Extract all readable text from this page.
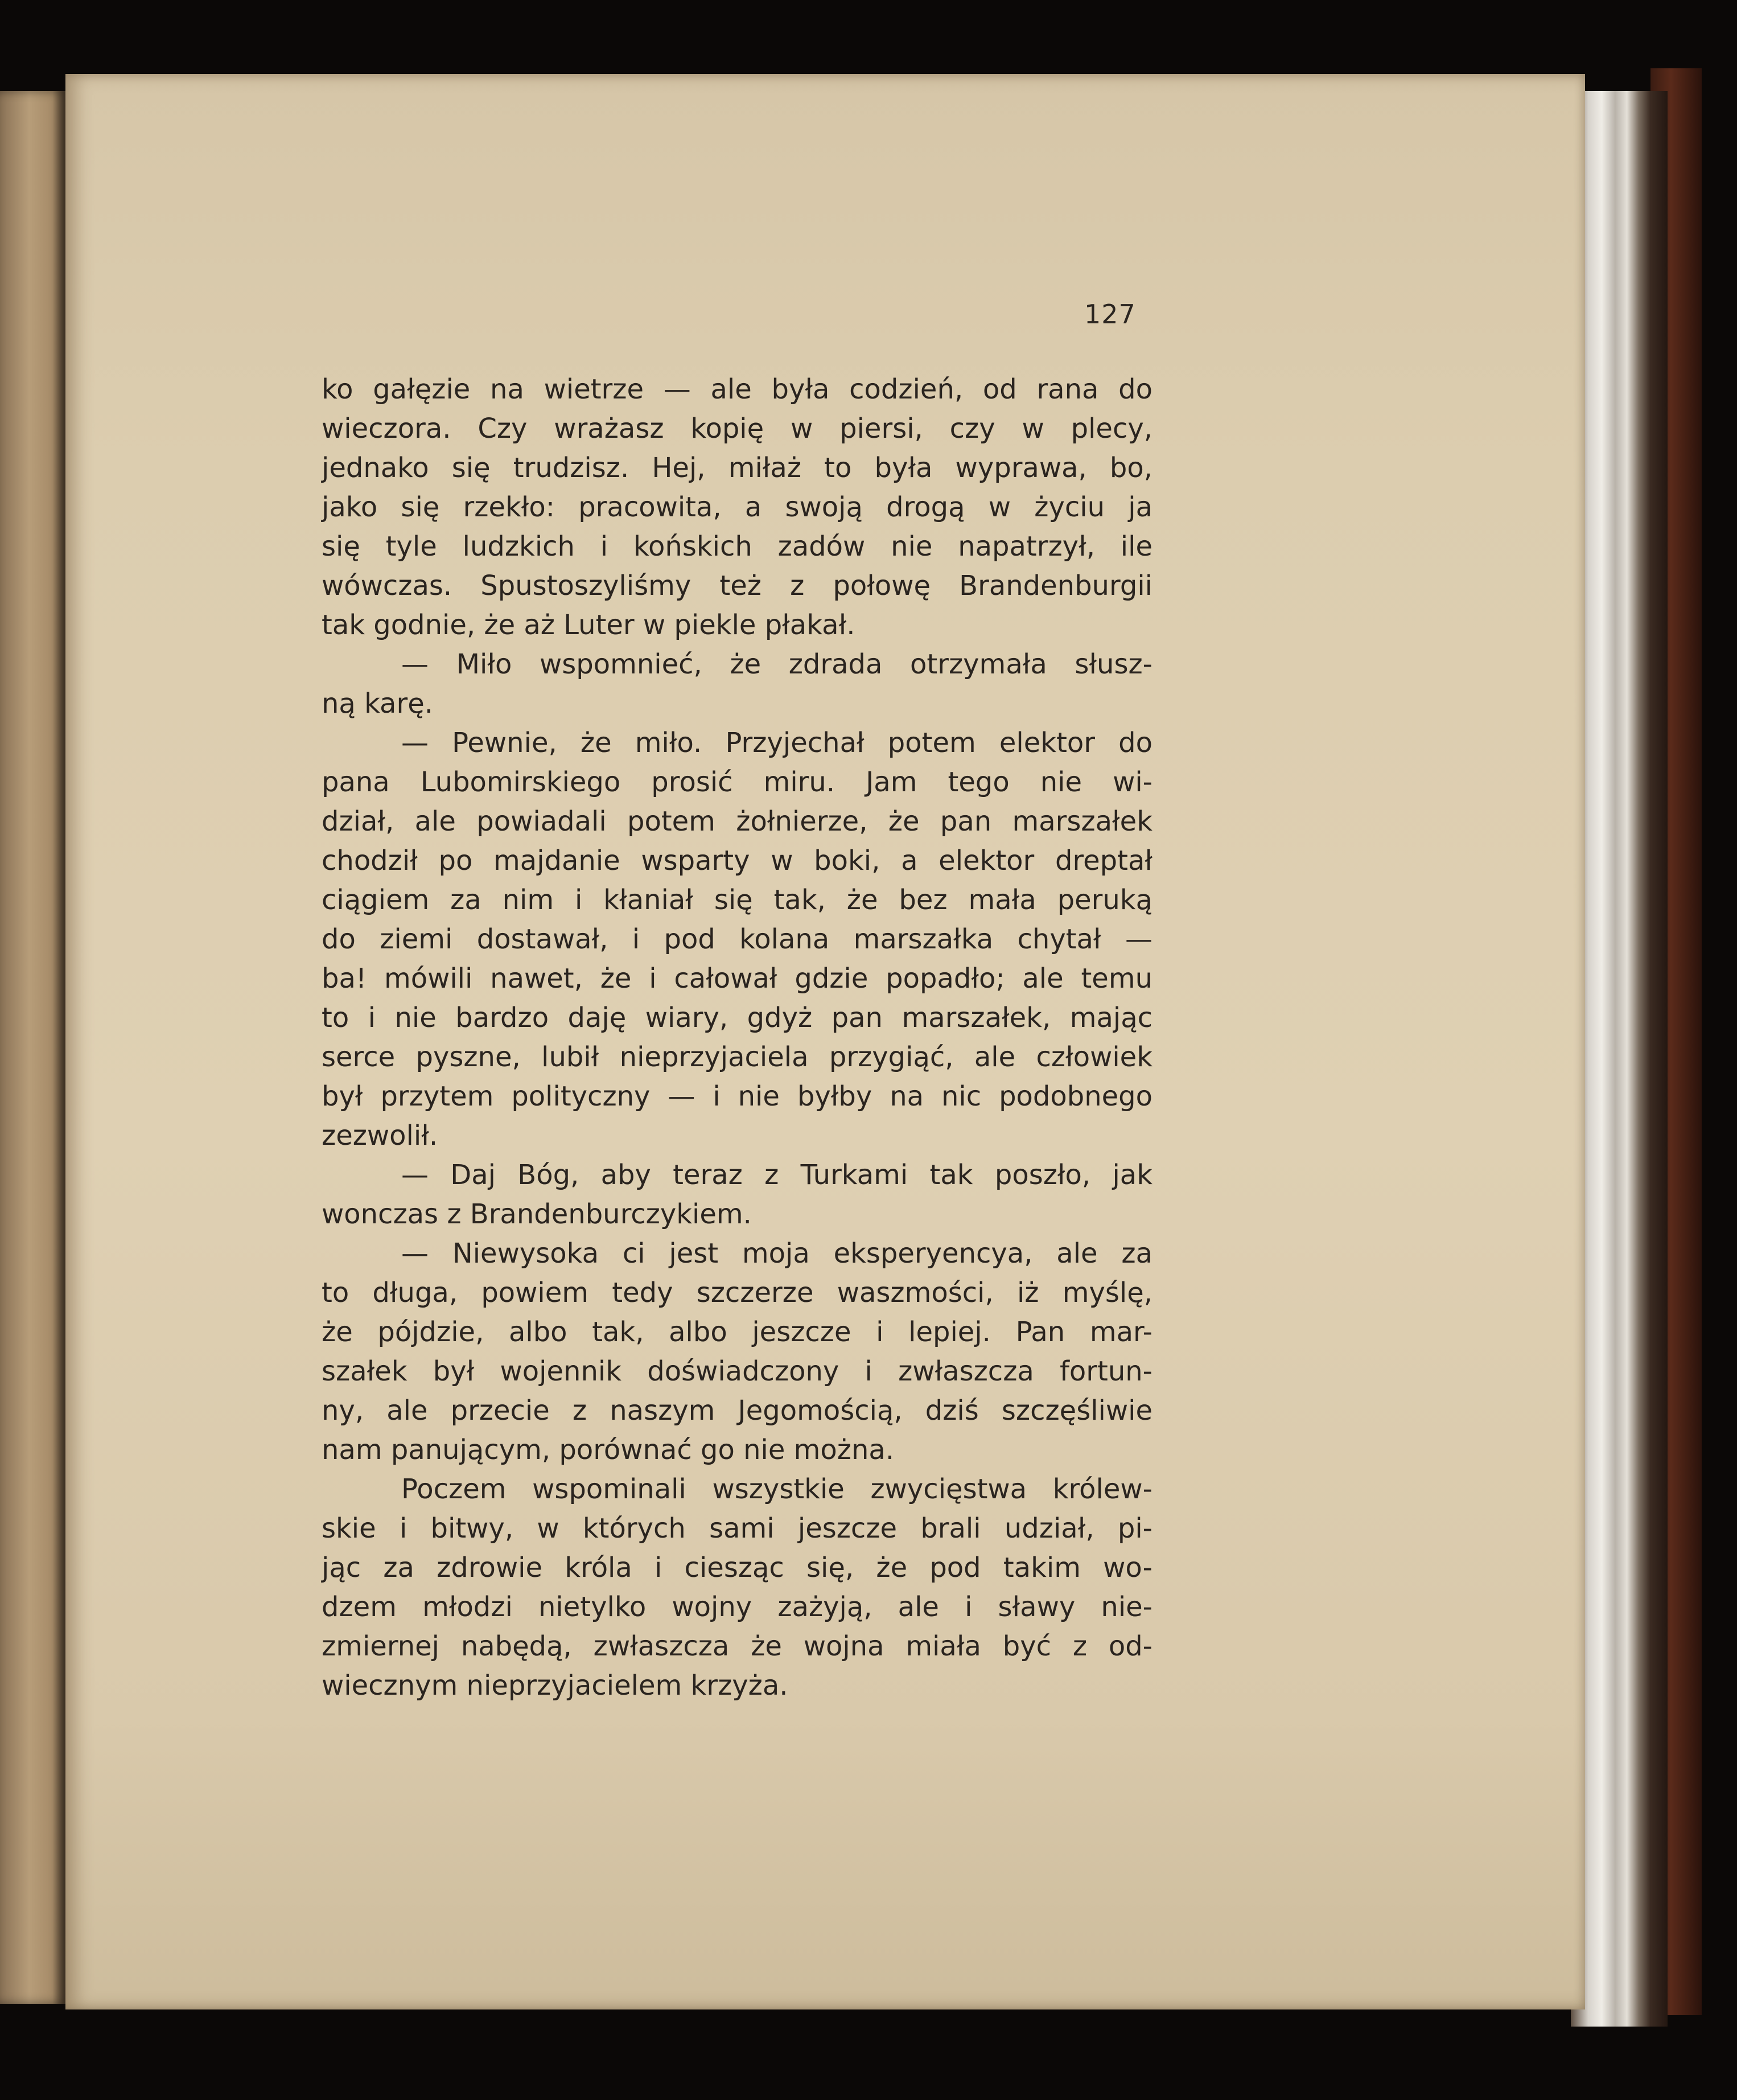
127
ko gałęzie na wietrze — ale była codzień, od rana do
wieczora. Czy wrażasz kopię w piersi, czy w plecy,
jednako się trudzisz. Hej, miłaż to była wyprawa, bo,
jako się rzekło: pracowita, a swoją drogą w życiu ja
się tyle ludzkich i końskich zadów nie napatrzył, ile
wówczas. Spustoszyliśmy też z połowę Brandenburgii
tak godnie, że aż Luter w piekle płakał.
— Miło wspomnieć, że zdrada otrzymała słusz-
ną karę.
— Pewnie, że miło. Przyjechał potem elektor do
pana Lubomirskiego prosić miru. Jam tego nie wi-
dział, ale powiadali potem żołnierze, że pan marszałek
chodził po majdanie wsparty w boki, a elektor dreptał
ciągiem za nim i kłaniał się tak, że bez mała peruką
do ziemi dostawał, i pod kolana marszałka chytał —
ba! mówili nawet, że i całował gdzie popadło; ale temu
to i nie bardzo daję wiary, gdyż pan marszałek, mając
serce pyszne, lubił nieprzyjaciela przygiąć, ale człowiek
był przytem polityczny — i nie byłby na nic podobnego
zezwolił.
— Daj Bóg, aby teraz z Turkami tak poszło, jak
wonczas z Brandenburczykiem.
— Niewysoka ci jest moja eksperyencya, ale za
to długa, powiem tedy szczerze waszmości, iż myślę,
że pójdzie, albo tak, albo jeszcze i lepiej. Pan mar-
szałek był wojennik doświadczony i zwłaszcza fortun-
ny, ale przecie z naszym Jegomością, dziś szczęśliwie
nam panującym, porównać go nie można.
Poczem wspominali wszystkie zwycięstwa królew-
skie i bitwy, w których sami jeszcze brali udział, pi-
jąc za zdrowie króla i ciesząc się, że pod takim wo-
dzem młodzi nietylko wojny zażyją, ale i sławy nie-
zmiernej nabędą, zwłaszcza że wojna miała być z od-
wiecznym nieprzyjacielem krzyża.
